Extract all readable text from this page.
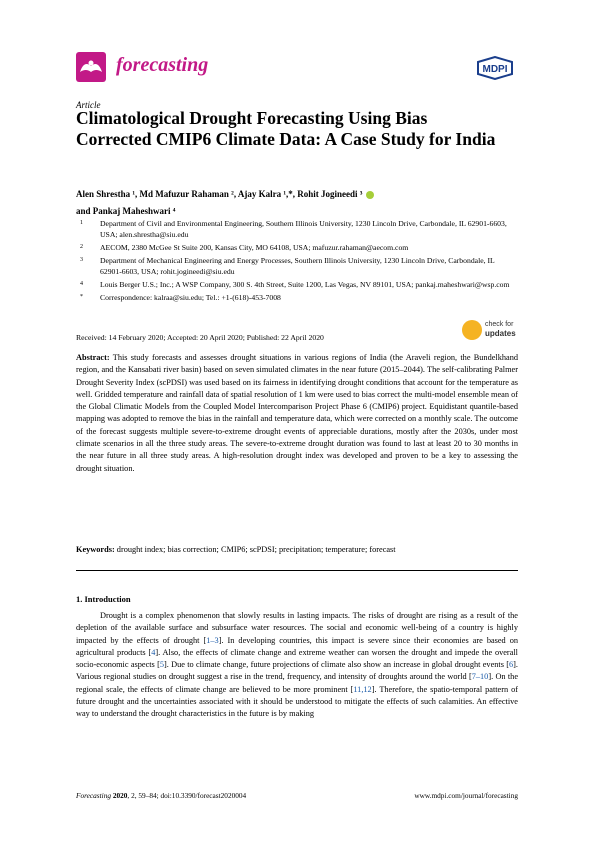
forecasting	MDPI
Article
Climatological Drought Forecasting Using Bias Corrected CMIP6 Climate Data: A Case Study for India
Alen Shrestha ¹, Md Mafuzur Rahaman ², Ajay Kalra ¹,*, Rohit Jogineedi ³
and Pankaj Maheshwari ⁴
1	Department of Civil and Environmental Engineering, Southern Illinois University, 1230 Lincoln Drive, Carbondale, IL 62901-6603, USA; alen.shrestha@siu.edu
2	AECOM, 2380 McGee St Suite 200, Kansas City, MO 64108, USA; mafuzur.rahaman@aecom.com
3	Department of Mechanical Engineering and Energy Processes, Southern Illinois University, 1230 Lincoln Drive, Carbondale, IL 62901-6603, USA; rohit.jogineedi@siu.edu
4	Louis Berger U.S.; Inc.; A WSP Company, 300 S. 4th Street, Suite 1200, Las Vegas, NV 89101, USA; pankaj.maheshwari@wsp.com
*	Correspondence: kalraa@siu.edu; Tel.: +1-(618)-453-7008
Received: 14 February 2020; Accepted: 20 April 2020; Published: 22 April 2020
check for
updates
Abstract: This study forecasts and assesses drought situations in various regions of India (the Araveli region, the Bundelkhand region, and the Kansabati river basin) based on seven simulated climates in the near future (2015–2044). The self-calibrating Palmer Drought Severity Index (scPDSI) was used based on its fairness in identifying drought conditions that account for the temperature as well. Gridded temperature and rainfall data of spatial resolution of 1 km were used to bias correct the multi-model ensemble mean of the Global Climatic Models from the Coupled Model Intercomparison Project Phase 6 (CMIP6) project. Equidistant quantile-based mapping was adopted to remove the bias in the rainfall and temperature data, which were corrected on a monthly scale. The outcome of the forecast suggests multiple severe-to-extreme drought events of appreciable durations, mostly after the 2030s, under most climate scenarios in all the three study areas. The severe-to-extreme drought duration was found to last at least 20 to 30 months in the near future in all three study areas. A high-resolution drought index was developed and proven to be a key to assessing the drought situation.
Keywords: drought index; bias correction; CMIP6; scPDSI; precipitation; temperature; forecast
1. Introduction
Drought is a complex phenomenon that slowly results in lasting impacts. The risks of drought are rising as a result of the depletion of the available surface and subsurface water resources. The social and economic well-being of a country is highly impacted by the effects of drought [1–3]. In developing countries, this impact is severe since their economies are based on agricultural products [4]. Also, the effects of climate change and extreme weather can worsen the drought and impede the overall socio-economic aspects [5]. Due to climate change, future projections of climate also show an increase in global drought events [6]. Various regional studies on drought suggest a rise in the trend, frequency, and intensity of droughts around the world [7–10]. On the regional scale, the effects of climate change are believed to be more prominent [11,12]. Therefore, the spatio-temporal pattern of future drought and the uncertainties associated with it should be understood to mitigate the effects of such calamities. An effective way to understand the drought characteristics in the future is by making
Forecasting 2020, 2, 59–84; doi:10.3390/forecast2020004	www.mdpi.com/journal/forecasting
